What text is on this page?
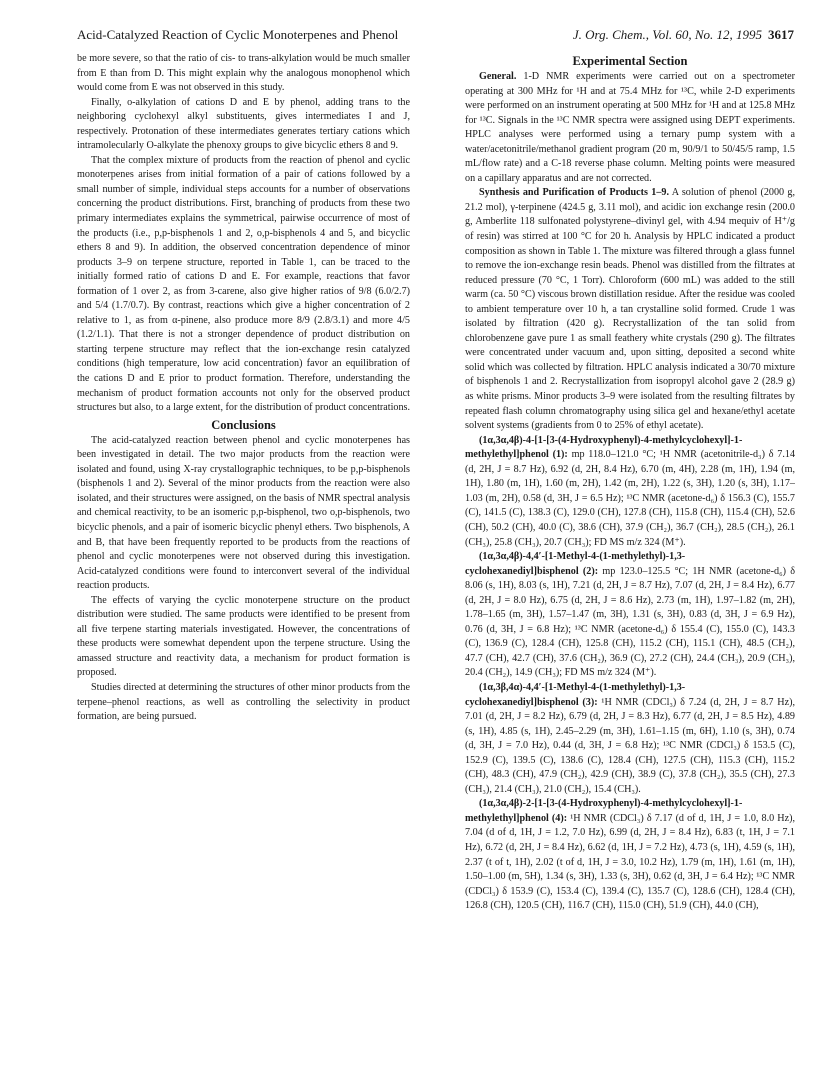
Acid-Catalyzed Reaction of Cyclic Monoterpenes and Phenol	J. Org. Chem., Vol. 60, No. 12, 1995 3617

be more severe, so that the ratio of cis- to trans-alkylation would be much smaller from E than from D. This might explain why the analogous monophenol which would come from E was not observed in this study.

Finally, o-alkylation of cations D and E by phenol, adding trans to the neighboring cyclohexyl alkyl substituents, gives intermediates I and J, respectively. Protonation of these intermediates generates tertiary cations which intramolecularly O-alkylate the phenoxy groups to give bicyclic ethers 8 and 9.

That the complex mixture of products from the reaction of phenol and cyclic monoterpenes arises from initial formation of a pair of cations followed by a small number of simple, individual steps accounts for a number of observations concerning the product distributions. First, branching of products from these two primary intermediates explains the symmetrical, pairwise occurrence of most of the products (i.e., p,p-bisphenols 1 and 2, o,p-bisphenols 4 and 5, and bicyclic ethers 8 and 9). In addition, the observed concentration dependence of minor products 3–9 on terpene structure, reported in Table 1, can be traced to the initially formed ratio of cations D and E. For example, reactions that favor formation of 1 over 2, as from 3-carene, also give higher ratios of 9/8 (6.0/2.7) and 5/4 (1.7/0.7). By contrast, reactions which give a higher concentration of 2 relative to 1, as from α-pinene, also produce more 8/9 (2.8/3.1) and more 4/5 (1.2/1.1). That there is not a stronger dependence of product distribution on starting terpene structure may reflect that the ion-exchange resin catalyzed conditions (high temperature, low acid concentration) favor an equilibration of the cations D and E prior to product formation. Therefore, understanding the mechanism of product formation accounts not only for the observed product structures but also, to a large extent, for the distribution of product concentrations.

Conclusions

The acid-catalyzed reaction between phenol and cyclic monoterpenes has been investigated in detail. The two major products from the reaction were isolated and found, using X-ray crystallographic techniques, to be p,p-bisphenols (bisphenols 1 and 2). Several of the minor products from the reaction were also isolated, and their structures were assigned, on the basis of NMR spectral analysis and chemical reactivity, to be an isomeric p,p-bisphenol, two o,p-bisphenols, two bicyclic phenols, and a pair of isomeric bicyclic phenyl ethers. Two bisphenols, A and B, that have been frequently reported to be products from the reactions of phenol and cyclic monoterpenes were not observed during this investigation. Acid-catalyzed conditions were found to interconvert several of the individual reaction products.

The effects of varying the cyclic monoterpene structure on the product distribution were studied. The same products were identified to be present from all five terpene starting materials investigated. However, the concentrations of these products were somewhat dependent upon the terpene structure. Using the amassed structure and reactivity data, a mechanism for product formation is proposed.

Studies directed at determining the structures of other minor products from the terpene–phenol reactions, as well as controlling the selectivity in product formation, are being pursued.

Experimental Section

General. 1-D NMR experiments were carried out on a spectrometer operating at 300 MHz for ¹H and at 75.4 MHz for ¹³C, while 2-D experiments were performed on an instrument operating at 500 MHz for ¹H and at 125.8 MHz for ¹³C. Signals in the ¹³C NMR spectra were assigned using DEPT experiments. HPLC analyses were performed using a ternary pump system with a water/acetonitrile/methanol gradient program (20 m, 90/9/1 to 50/45/5 ramp, 1.5 mL/flow rate) and a C-18 reverse phase column. Melting points were measured on a capillary apparatus and are not corrected.

Synthesis and Purification of Products 1–9. A solution of phenol (2000 g, 21.2 mol), γ-terpinene (424.5 g, 3.11 mol), and acidic ion exchange resin (200.0 g, Amberlite 118 sulfonated polystyrene–divinyl gel, with 4.94 mequiv of H⁺/g of resin) was stirred at 100 °C for 20 h. Analysis by HPLC indicated a product composition as shown in Table 1. The mixture was filtered through a glass funnel to remove the ion-exchange resin beads. Phenol was distilled from the filtrates at reduced pressure (70 °C, 1 Torr). Chloroform (600 mL) was added to the still warm (ca. 50 °C) viscous brown distillation residue. After the residue was cooled to ambient temperature over 10 h, a tan crystalline solid formed. Crude 1 was isolated by filtration (420 g). Recrystallization of the tan solid from chlorobenzene gave pure 1 as small feathery white crystals (290 g). The filtrates were concentrated under vacuum and, upon sitting, deposited a second white solid which was collected by filtration. HPLC analysis indicated a 30/70 mixture of bisphenols 1 and 2. Recrystallization from isopropyl alcohol gave 2 (28.9 g) as white prisms. Minor products 3–9 were isolated from the resulting filtrates by repeated flash column chromatography using silica gel and hexane/ethyl acetate solvent systems (gradients from 0 to 25% of ethyl acetate).

(1α,3α,4β)-4-[1-[3-(4-Hydroxyphenyl)-4-methylcyclohexyl]-1-methylethyl]phenol (1): mp 118.0–121.0 °C; ¹H NMR (acetonitrile-d₃) δ 7.14 (d, 2H, J = 8.7 Hz), 6.92 (d, 2H, 8.4 Hz), 6.70 (m, 4H), 2.28 (m, 1H), 1.94 (m, 1H), 1.80 (m, 1H), 1.60 (m, 2H), 1.42 (m, 2H), 1.22 (s, 3H), 1.20 (s, 3H), 1.17–1.03 (m, 2H), 0.58 (d, 3H, J = 6.5 Hz); ¹³C NMR (acetone-d₆) δ 156.3 (C), 155.7 (C), 141.5 (C), 138.3 (C), 129.0 (CH), 127.8 (CH), 115.8 (CH), 115.4 (CH), 52.6 (CH), 50.2 (CH), 40.0 (C), 38.6 (CH), 37.9 (CH₂), 36.7 (CH₂), 28.5 (CH₂), 26.1 (CH₃), 25.8 (CH₃), 20.7 (CH₃); FD MS m/z 324 (M⁺).

(1α,3α,4β)-4,4′-[1-Methyl-4-(1-methylethyl)-1,3-cyclohexanediyl]bisphenol (2): mp 123.0–125.5 °C; 1H NMR (acetone-d₆) δ 8.06 (s, 1H), 8.03 (s, 1H), 7.21 (d, 2H, J = 8.7 Hz), 7.07 (d, 2H, J = 8.4 Hz), 6.77 (d, 2H, J = 8.0 Hz), 6.75 (d, 2H, J = 8.6 Hz), 2.73 (m, 1H), 1.97–1.82 (m, 2H), 1.78–1.65 (m, 3H), 1.57–1.47 (m, 3H), 1.31 (s, 3H), 0.83 (d, 3H, J = 6.9 Hz), 0.76 (d, 3H, J = 6.8 Hz); ¹³C NMR (acetone-d₆) δ 155.4 (C), 155.0 (C), 143.3 (C), 136.9 (C), 128.4 (CH), 125.8 (CH), 115.2 (CH), 115.1 (CH), 48.5 (CH₂), 47.7 (CH), 42.7 (CH), 37.6 (CH₂), 36.9 (C), 27.2 (CH), 24.4 (CH₃), 20.9 (CH₃), 20.4 (CH₂), 14.9 (CH₃); FD MS m/z 324 (M⁺).

(1α,3β,4α)-4,4′-[1-Methyl-4-(1-methylethyl)-1,3-cyclohexanediyl]bisphenol (3): ¹H NMR (CDCl₃) δ 7.24 (d, 2H, J = 8.7 Hz), 7.01 (d, 2H, J = 8.2 Hz), 6.79 (d, 2H, J = 8.3 Hz), 6.77 (d, 2H, J = 8.5 Hz), 4.89 (s, 1H), 4.85 (s, 1H), 2.45–2.29 (m, 3H), 1.61–1.15 (m, 6H), 1.10 (s, 3H), 0.74 (d, 3H, J = 7.0 Hz), 0.44 (d, 3H, J = 6.8 Hz); ¹³C NMR (CDCl₃) δ 153.5 (C), 152.9 (C), 139.5 (C), 138.6 (C), 128.4 (CH), 127.5 (CH), 115.3 (CH), 115.2 (CH), 48.3 (CH), 47.9 (CH₂), 42.9 (CH), 38.9 (C), 37.8 (CH₂), 35.5 (CH), 27.3 (CH₃), 21.4 (CH₃), 21.0 (CH₂), 15.4 (CH₃).

(1α,3α,4β)-2-[1-[3-(4-Hydroxyphenyl)-4-methylcyclohexyl]-1-methylethyl]phenol (4): ¹H NMR (CDCl₃) δ 7.17 (d of d, 1H, J = 1.0, 8.0 Hz), 7.04 (d of d, 1H, J = 1.2, 7.0 Hz), 6.99 (d, 2H, J = 8.4 Hz), 6.83 (t, 1H, J = 7.1 Hz), 6.72 (d, 2H, J = 8.4 Hz), 6.62 (d, 1H, J = 7.2 Hz), 4.73 (s, 1H), 4.59 (s, 1H), 2.37 (t of t, 1H), 2.02 (t of d, 1H, J = 3.0, 10.2 Hz), 1.79 (m, 1H), 1.61 (m, 1H), 1.50–1.00 (m, 5H), 1.34 (s, 3H), 1.33 (s, 3H), 0.62 (d, 3H, J = 6.4 Hz); ¹³C NMR (CDCl₃) δ 153.9 (C), 153.4 (C), 139.4 (C), 135.7 (C), 128.6 (CH), 128.4 (CH), 126.8 (CH), 120.5 (CH), 116.7 (CH), 115.0 (CH), 51.9 (CH), 44.0 (CH),
